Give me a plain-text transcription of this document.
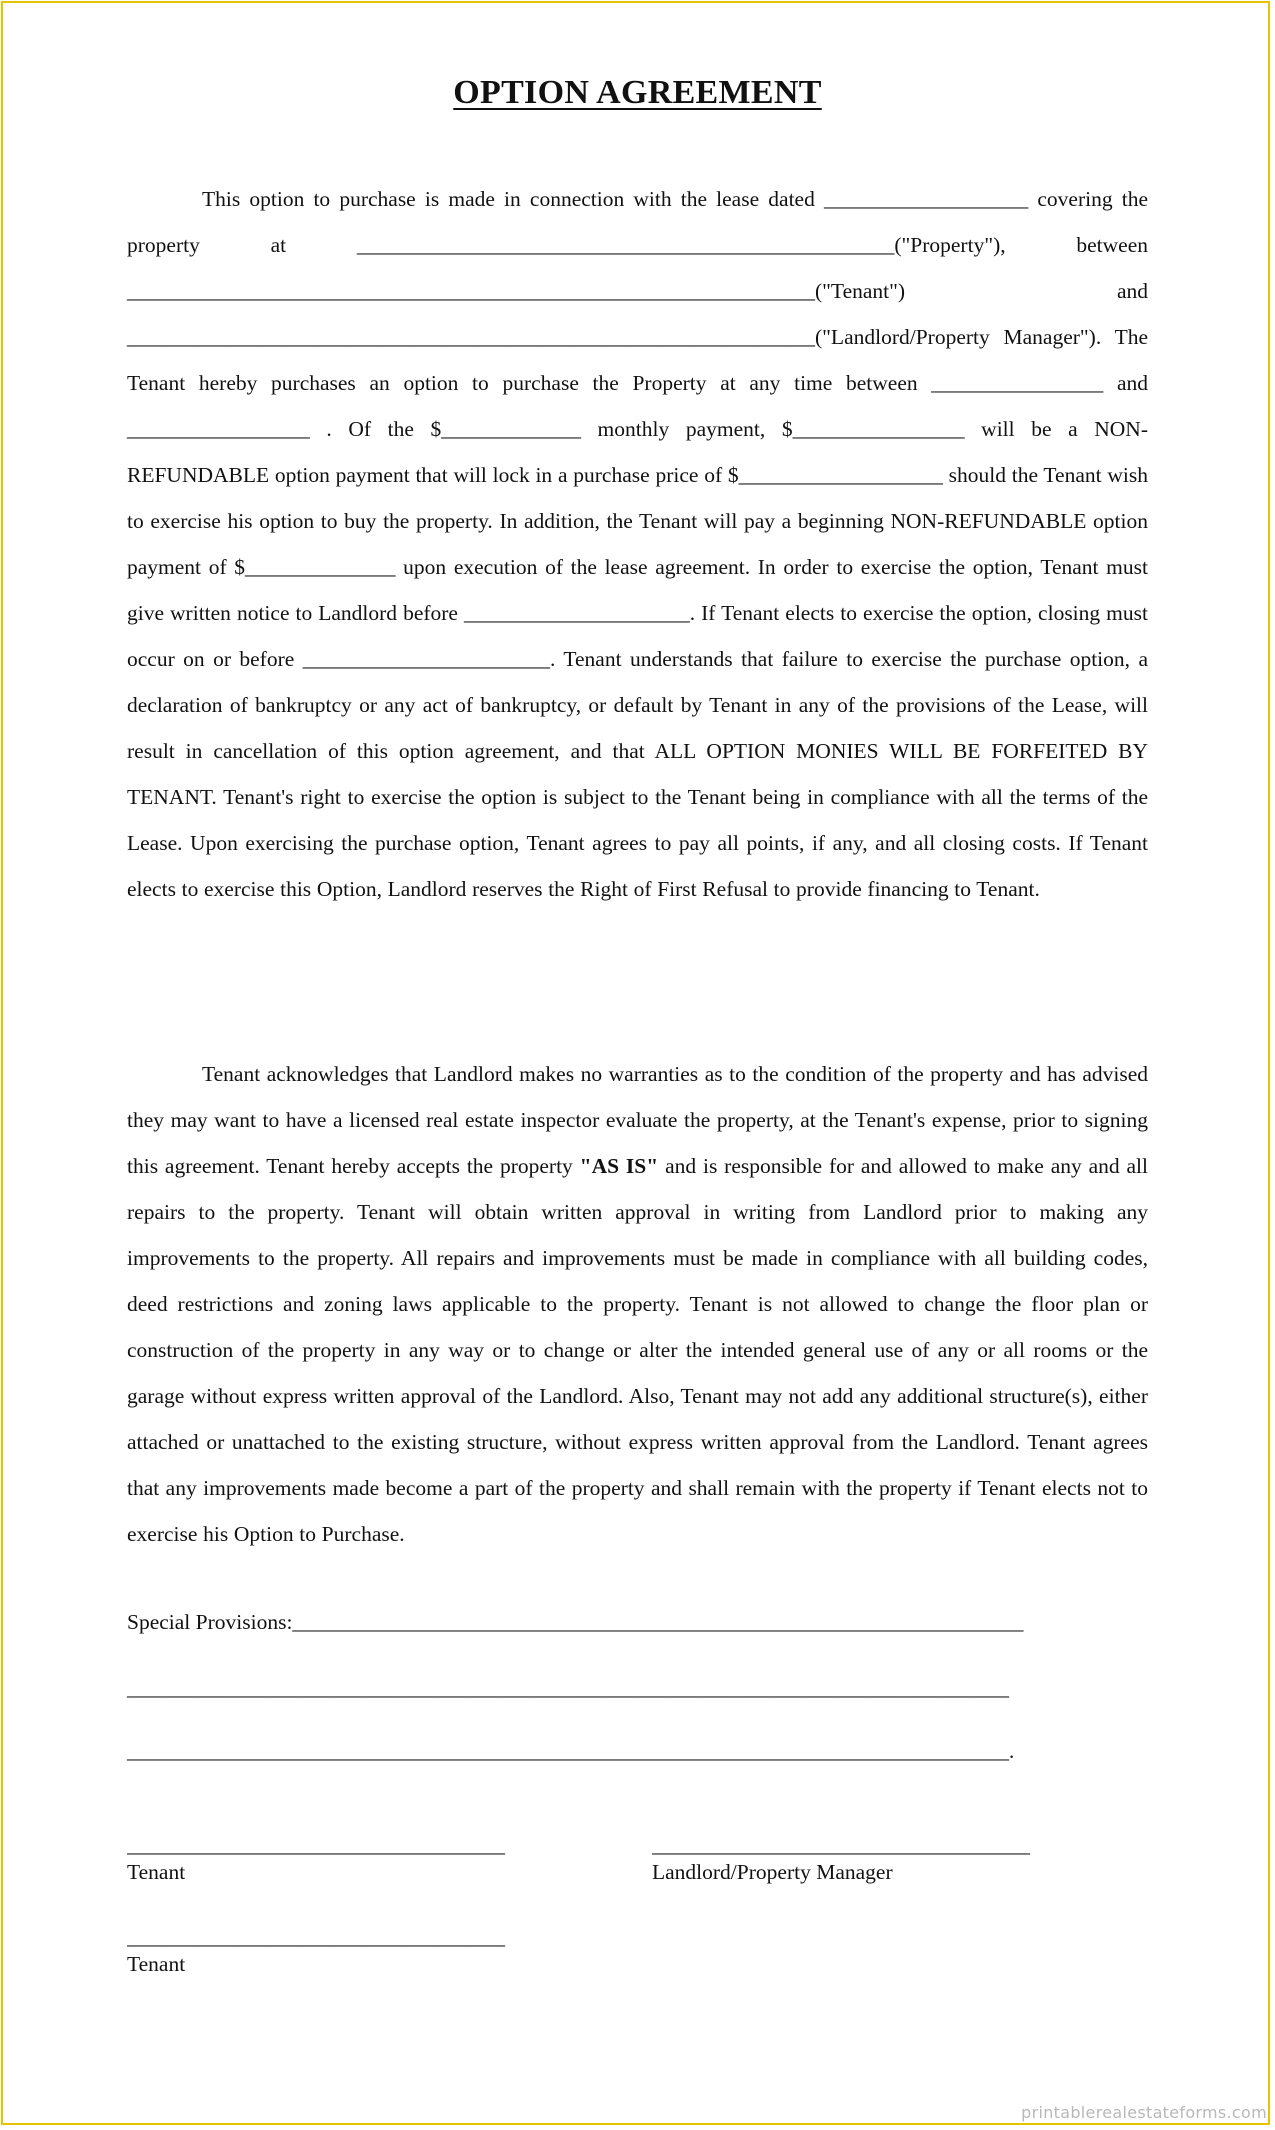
OPTION AGREEMENT

This option to purchase is made in connection with the lease dated ___________________ covering the property at __________________________________________________("Property"), between ________________________________________________________________("Tenant") and ________________________________________________________________("Landlord/Property Manager"). The Tenant hereby purchases an option to purchase the Property at any time between ________________ and _________________ . Of the $_____________ monthly payment, $________________ will be a NON-REFUNDABLE option payment that will lock in a purchase price of $___________________ should the Tenant wish to exercise his option to buy the property. In addition, the Tenant will pay a beginning NON-REFUNDABLE option payment of $______________ upon execution of the lease agreement. In order to exercise the option, Tenant must give written notice to Landlord before _____________________. If Tenant elects to exercise the option, closing must occur on or before _______________________. Tenant understands that failure to exercise the purchase option, a declaration of bankruptcy or any act of bankruptcy, or default by Tenant in any of the provisions of the Lease, will result in cancellation of this option agreement, and that ALL OPTION MONIES WILL BE FORFEITED BY TENANT. Tenant's right to exercise the option is subject to the Tenant being in compliance with all the terms of the Lease. Upon exercising the purchase option, Tenant agrees to pay all points, if any, and all closing costs. If Tenant elects to exercise this Option, Landlord reserves the Right of First Refusal to provide financing to Tenant.

Tenant acknowledges that Landlord makes no warranties as to the condition of the property and has advised they may want to have a licensed real estate inspector evaluate the property, at the Tenant's expense, prior to signing this agreement. Tenant hereby accepts the property "AS IS" and is responsible for and allowed to make any and all repairs to the property. Tenant will obtain written approval in writing from Landlord prior to making any improvements to the property. All repairs and improvements must be made in compliance with all building codes, deed restrictions and zoning laws applicable to the property. Tenant is not allowed to change the floor plan or construction of the property in any way or to change or alter the intended general use of any or all rooms or the garage without express written approval of the Landlord. Also, Tenant may not add any additional structure(s), either attached or unattached to the existing structure, without express written approval from the Landlord. Tenant agrees that any improvements made become a part of the property and shall remain with the property if Tenant elects not to exercise his Option to Purchase.

Special Provisions:____________________________________________________________________
____________________________________________________________________________________
____________________________________________________________________________________.
____________________________________
Tenant
____________________________________
Landlord/Property Manager
____________________________________
Tenant
printablerealestateforms.com
